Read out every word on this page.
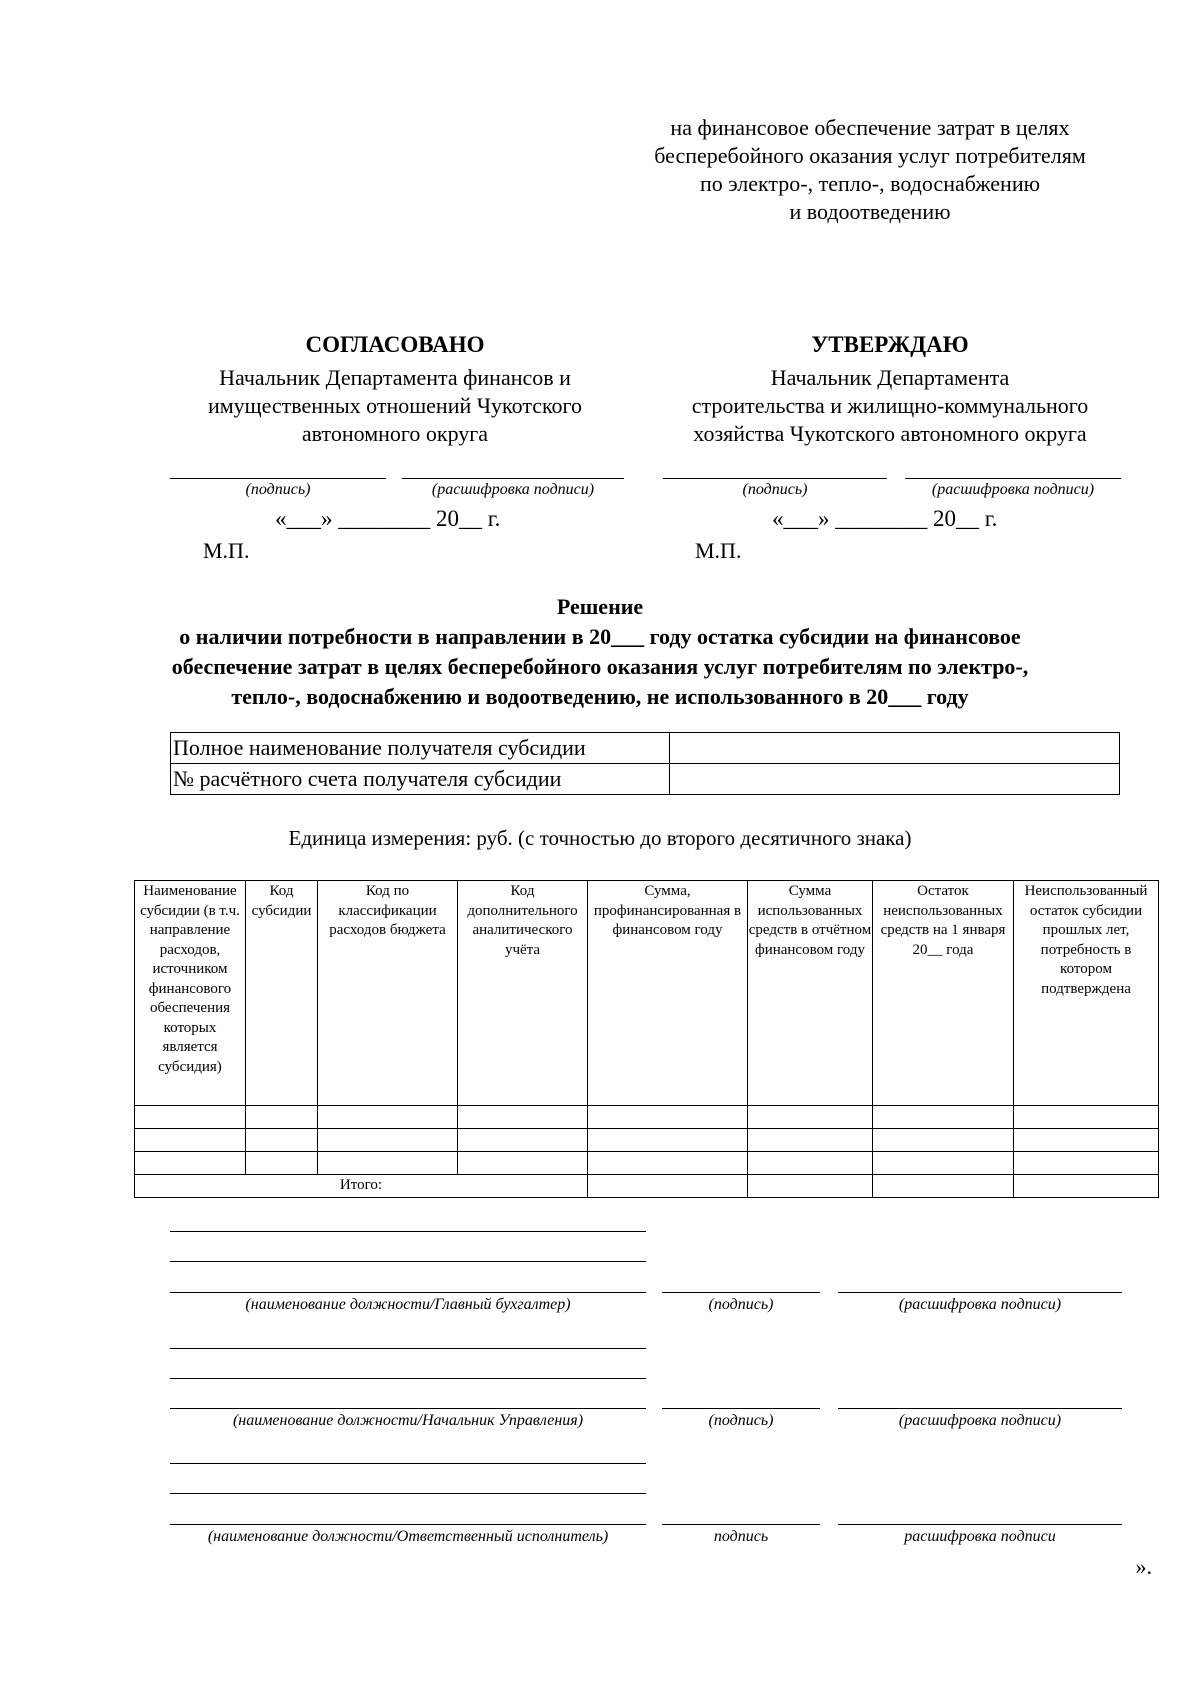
на финансовое обеспечение затрат в целях
бесперебойного оказания услуг потребителям
по электро-, тепло-, водоснабжению
и водоотведению
СОГЛАСОВАНО
Начальник Департамента финансов и
имущественных отношений Чукотского
автономного округа
(подпись)	(расшифровка подписи)
«___» ________ 20__ г.
М.П.
УТВЕРЖДАЮ
Начальник Департамента
строительства и жилищно-коммунального
хозяйства Чукотского автономного округа
(подпись)	(расшифровка подписи)
«___» ________ 20__ г.
М.П.
Решение
о наличии потребности в направлении в 20___ году остатка субсидии на финансовое
обеспечение затрат в целях бесперебойного оказания услуг потребителям по электро-,
тепло-, водоснабжению и водоотведению, не использованного в 20___ году
Полное наименование получателя субсидии	
№ расчётного счета получателя субсидии	
Единица измерения: руб. (с точностью до второго десятичного знака)
Наименование субсидии (в т.ч. направление расходов, источником финансового обеспечения которых является субсидия)	Код субсидии	Код по классификации расходов бюджета	Код дополнительного аналитического учёта	Сумма, профинансированная в финансовом году	Сумма использованных средств в отчётном финансовом году	Остаток неиспользованных средств на 1 января 20__ года	Неиспользованный остаток субсидии прошлых лет, потребность в котором подтверждена

Итого:							
(наименование должности/Главный бухгалтер)	(подпись)	(расшифровка подписи)
(наименование должности/Начальник Управления)	(подпись)	(расшифровка подписи)
(наименование должности/Ответственный исполнитель)	подпись	расшифровка подписи
».
